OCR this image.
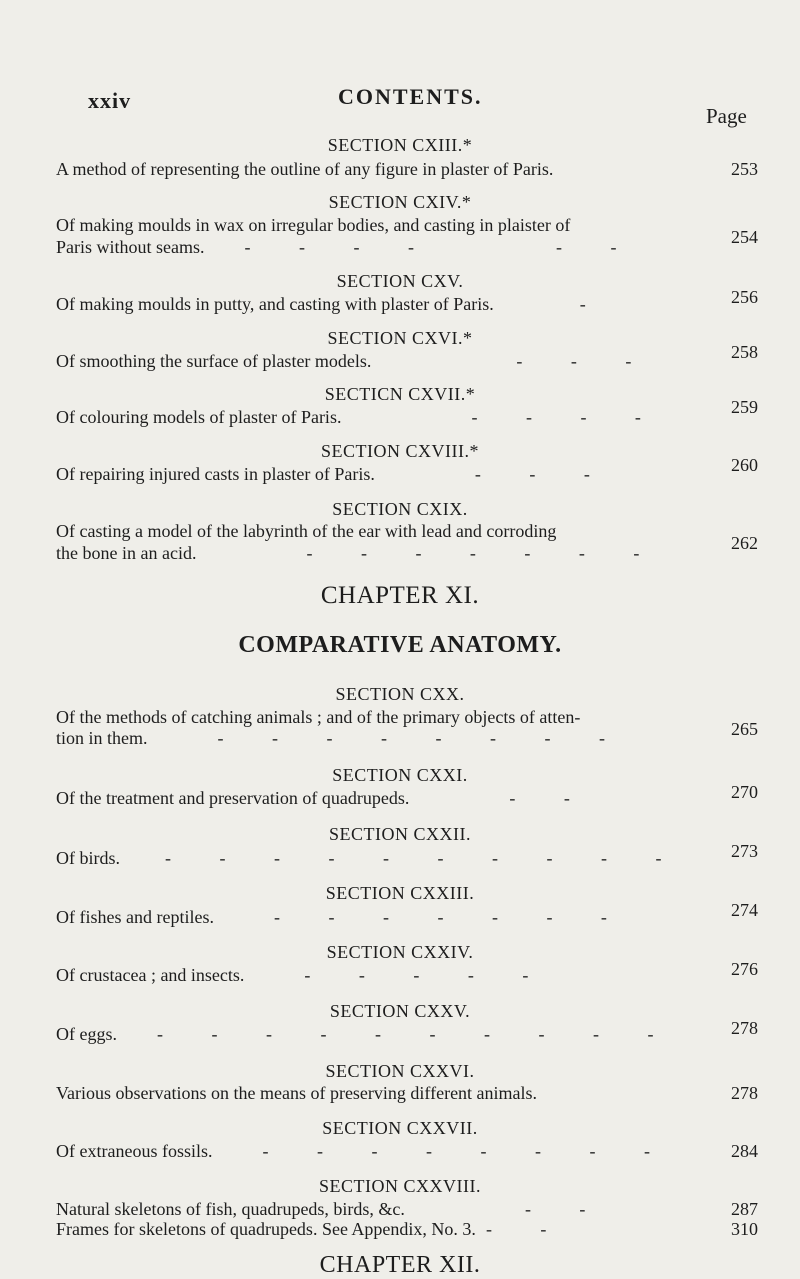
xxiv	CONTENTS.
Page
SECTION CXIII.*
A method of representing the outline of any figure in plaster of Paris.	253
SECTION CXIV.*
Of making moulds in wax on irregular bodies, and casting in plaister of
Paris without seams. - - - -	- -	254
SECTION CXV.
Of making moulds in putty, and casting with plaster of Paris.	-	256
SECTION CXVI.*
Of smoothing the surface of plaster models.	- - -	258
SECTICN CXVII.*
Of colouring models of plaster of Paris.	- - - -	259
SECTION CXVIII.*
Of repairing injured casts in plaster of Paris.	- - -	260
SECTION CXIX.
Of casting a model of the labyrinth of the ear with lead and corroding
the bone in an acid.	- - - - - - -	262
CHAPTER XI.
COMPARATIVE ANATOMY.
SECTION CXX.
Of the methods of catching animals ; and of the primary objects of atten-
tion in them.	- - - - - - - -	265
SECTION CXXI.
Of the treatment and preservation of quadrupeds.	- -	270
SECTION CXXII.
Of birds.	- - - - - - - - - -	273
SECTION CXXIII.
Of fishes and reptiles.	- - - - - - -	274
SECTION CXXIV.
Of crustacea ; and insects.	- - - - -	276
SECTION CXXV.
Of eggs. - - - - - - - - - -	278
SECTION CXXVI.
Various observations on the means of preserving different animals.	278
SECTION CXXVII.
Of extraneous fossils.	- - - - - - - -	284
SECTION CXXVIII.
Natural skeletons of fish, quadrupeds, birds, &c.	- -	287
Frames for skeletons of quadrupeds. See Appendix, No. 3. - -	310
CHAPTER XII.
